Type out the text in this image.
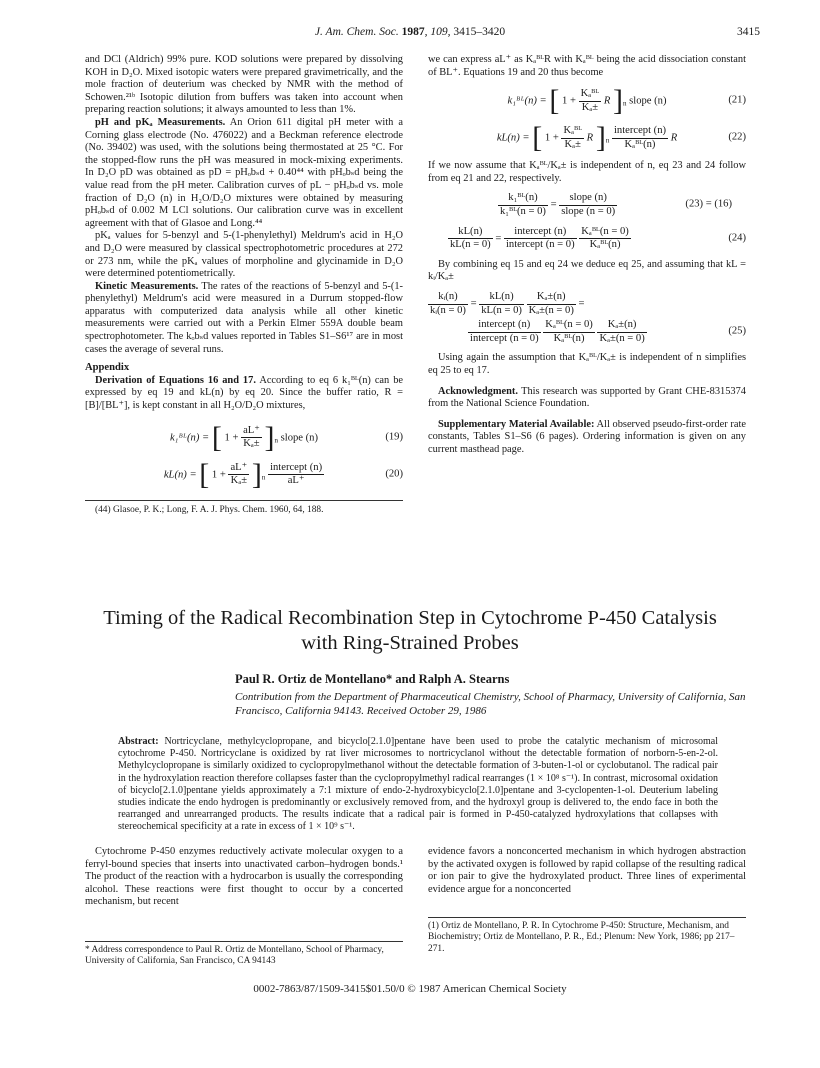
J. Am. Chem. Soc. 1987, 109, 3415–3420	3415

and DCl (Aldrich) 99% pure. KOD solutions were prepared by dissolving KOH in D₂O. Mixed isotopic waters were prepared gravimetrically, and the mole fraction of deuterium was checked by NMR with the method of Schowen.²¹ᵇ Isotopic dilution from buffers was taken into account when preparing reaction solutions; it always amounted to less than 1%.

pH and pKₐ Measurements. An Orion 611 digital pH meter with a Corning glass electrode (No. 476022) and a Beckman reference electrode (No. 39402) was used, with the solutions being thermostated at 25 °C. For the stopped-flow runs the pH was measured in mock-mixing experiments. In D₂O pD was obtained as pD = pHₒbₛd + 0.40⁴⁴ with pHₒbₛd being the value read from the pH meter. Calibration curves of pL − pHₒbₛd vs. mole fraction of D₂O (n) in H₂O/D₂O mixtures were obtained by measuring pHₒbₛd of 0.002 M LCl solutions. Our calibration curve was in excellent agreement with that of Glasoe and Long.⁴⁴

pKₐ values for 5-benzyl and 5-(1-phenylethyl) Meldrum's acid in H₂O and D₂O were measured by classical spectrophotometric procedures at 272 or 273 nm, while the pKₐ values of morpholine and glycinamide in D₂O were determined potentiometrically.

Kinetic Measurements. The rates of the reactions of 5-benzyl and 5-(1-phenylethyl) Meldrum's acid were measured in a Durrum stopped-flow apparatus with computerized data analysis while all other kinetic measurements were carried out with a Perkin Elmer 559A double beam spectrophotometer. The kₒbₛd values reported in Tables S1–S6¹⁷ are in most cases the average of several runs.

Appendix

Derivation of Equations 16 and 17. According to eq 6 k₁ᴮᴸ(n) can be expressed by eq 19 and kL(n) by eq 20. Since the buffer ratio, R = [B]/[BL⁺], is kept constant in all H₂O/D₂O mixtures,

k₁ᴮᴸ(n) = [ $1 + \frac{aL^+}{\text{Kₐ±}} ]_n$ slope (n)	(19)
kL(n) = [ $1 + \frac{aL^+}{\text{Kₐ±}} ]_n \frac{\text{intercept (n)}}{aL^+}$	(20)
(44) Glasoe, P. K.; Long, F. A. J. Phys. Chem. 1960, 64, 188.

we can express aL⁺ as KₐᴮᴸR with Kₐᴮᴸ being the acid dissociation constant of BL⁺. Equations 19 and 20 thus become

k₁ᴮᴸ(n) = [ $1 + \frac{\text{Kₐᴮᴸ}}{\text{Kₐ±}}$ R ]$_n$ slope (n)	(21)
kL(n) = [ $1 + \frac{\text{Kₐᴮᴸ}}{\text{Kₐ±}}$ R ]$_n \frac{\text{intercept (n)}}{\text{Kₐᴮᴸ(n)}}$ R	(22)

If we now assume that Kₐᴮᴸ/Kₐ± is independent of n, eq 23 and 24 follow from eq 21 and 22, respectively.

$\frac{\text{k₁ᴮᴸ(n)}}{\text{k₁ᴮᴸ(n = 0)}} = \frac{\text{slope (n)}}{\text{slope (n = 0)}}$	(23) = (16)
$\frac{kL(n)}{kL(n = 0)} = \frac{\text{intercept (n)}}{\text{intercept (n = 0)}}$
$\frac{\text{Kₐᴮᴸ(n = 0)}}{\text{Kₐᴮᴸ(n)}}$	(24)

By combining eq 15 and eq 24 we deduce eq 25, and assuming that kL = kᵢ/Kₐ±

$\frac{\text{kᵢ(n)}}{\text{kᵢ(n = 0)}} = \frac{kL(n)}{kL(n = 0)}$
$\frac{\text{Kₐ±(n)}}{\text{Kₐ±(n = 0)}}$ =
$\frac{\text{intercept (n)}}{\text{intercept (n = 0)}}$
$\frac{\text{Kₐᴮᴸ(n = 0)}}{\text{Kₐᴮᴸ(n)}}$
$\frac{\text{Kₐ±(n)}}{\text{Kₐ±(n = 0)}}$	(25)

Using again the assumption that Kₐᴮᴸ/Kₐ± is independent of n simplifies eq 25 to eq 17.

Acknowledgment. This research was supported by Grant CHE-8315374 from the National Science Foundation.

Supplementary Material Available: All observed pseudo-first-order rate constants, Tables S1–S6 (6 pages). Ordering information is given on any current masthead page.

Timing of the Radical Recombination Step in Cytochrome P-450 Catalysis with Ring-Strained Probes
Paul R. Ortiz de Montellano* and Ralph A. Stearns
Contribution from the Department of Pharmaceutical Chemistry, School of Pharmacy, University of California, San Francisco, California 94143. Received October 29, 1986
Abstract: Nortricyclane, methylcyclopropane, and bicyclo[2.1.0]pentane have been used to probe the catalytic mechanism of microsomal cytochrome P-450. Nortricyclane is oxidized by rat liver microsomes to nortricyclanol without the detectable formation of norborn-5-en-2-ol. Methylcyclopropane is similarly oxidized to cyclopropylmethanol without the detectable formation of 3-buten-1-ol or cyclobutanol. The radical pair in the hydroxylation reaction therefore collapses faster than the cyclopropylmethyl radical rearranges (1 × 10⁸ s⁻¹). In contrast, microsomal oxidation of bicyclo[2.1.0]pentane yields approximately a 7:1 mixture of endo-2-hydroxybicyclo[2.1.0]pentane and 3-cyclopenten-1-ol. Deuterium labeling studies indicate the endo hydrogen is predominantly or exclusively removed from, and the hydroxyl group is delivered to, the endo face in both the rearranged and unrearranged products. The results indicate that a radical pair is formed in P-450-catalyzed hydroxylations that collapses with stereochemical specificity at a rate in excess of 1 × 10⁹ s⁻¹.

Cytochrome P-450 enzymes reductively activate molecular oxygen to a ferryl-bound species that inserts into unactivated carbon–hydrogen bonds.¹ The product of the reaction with a hydrocarbon is usually the corresponding alcohol. These reactions were first thought to occur by a concerted mechanism, but recent

evidence favors a nonconcerted mechanism in which hydrogen abstraction by the activated oxygen is followed by rapid collapse of the resulting radical or ion pair to give the hydroxylated product. Three lines of experimental evidence argue for a nonconcerted

* Address correspondence to Paul R. Ortiz de Montellano, School of Pharmacy, University of California, San Francisco, CA 94143
(1) Ortiz de Montellano, P. R. In Cytochrome P-450: Structure, Mechanism, and Biochemistry; Ortiz de Montellano, P. R., Ed.; Plenum: New York, 1986; pp 217–271.
0002-7863/87/1509-3415$01.50/0 © 1987 American Chemical Society
